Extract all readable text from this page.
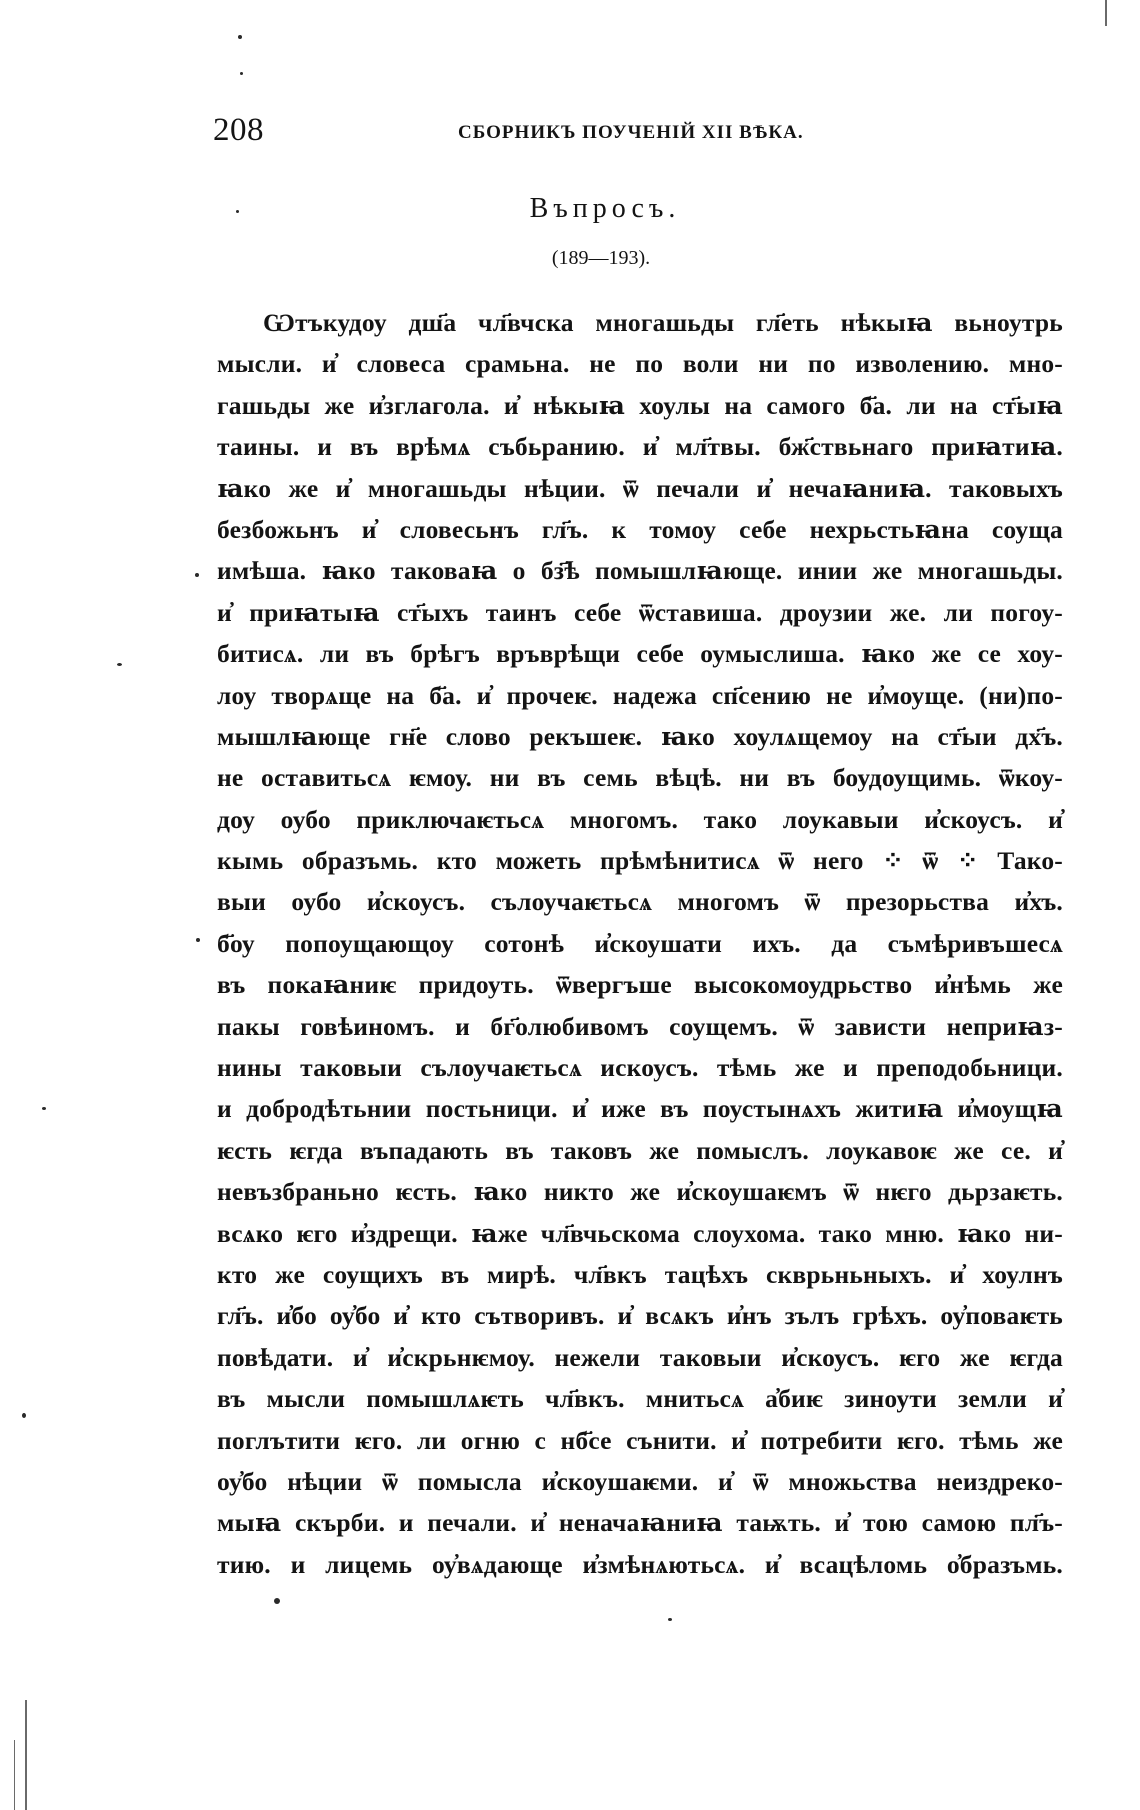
208	СБОРНИКЪ ПОУЧЕНІЙ XII ВѢКА.
Въпросъ.
(189—193).
Ѡтъкудоу дш҃а чл҃вчска многашьды гл҃еть нѣкыꙗ вьноутрь
мысли. и҆ словеса срамьна. не по воли ни по изволению. мно-
гашьды же и҆зглагола. и҆ нѣкыꙗ хоулы на самого б҃а. ли на ст҃ыꙗ
таины. и въ врѣмѧ събьранию. и҆ мл҃твы. бж҃ствьнаго приꙗтиꙗ.
ꙗко же и҆ многашьды нѣции. ѿ печали и҆ нечаꙗниꙗ. таковыхъ
безбожьнъ и҆ словесьнъ гл҃ъ. к томоу себе нехрьстьꙗна соуща
имѣша. ꙗко таковаꙗ о бз҃ѣ помышлꙗюще. инии же многашьды.
и҆ приꙗтыꙗ ст҃ыхъ таинъ себе ѿставиша. дроузии же. ли погоу-
битисѧ. ли въ брѣгъ връврѣщи себе оумыслиша. ꙗко же се хоу-
лоу творѧще на б҃а. и҆ прочеѥ. надежа сп҃сению не и҆моуще. (ни)по-
мышлꙗюще гн҃е слово рекъшеѥ. ꙗко хоулѧщемоу на ст҃ыи дх҃ъ.
не оставитьсѧ ѥмоу. ни въ семь вѣцѣ. ни въ боудоущимь. ѿкоу-
доу оубо приключаѥтьсѧ многомъ. тако лоукавыи и҆скоусъ. и҆
кымь образъмь. кто можеть прѣмѣнитисѧ ѿ него ⁘ ѿ ⁘ Тако-
выи оубо и҆скоусъ. сълоучаѥтьсѧ многомъ ѿ презорьства и҆хъ.
б҃оу попоущающоу сотонѣ и҆скоушати ихъ. да съмѣривъшесѧ
въ покаꙗниѥ придоуть. ѿвергъше высокомоудрьство и҆нѣмь же
пакы говѣиномъ. и бг҃олюбивомъ соущемъ. ѿ зависти неприꙗз-
нины таковыи сълоучаѥтьсѧ искоусъ. тѣмь же и преподобьници.
и добродѣтьнии постьници. и҆ иже въ поустынѧхъ житиꙗ и҆моущꙗ
ѥсть ѥгда въпадають въ таковъ же помыслъ. лоукавоѥ же се. и҆
невъзбраньно ѥсть. ꙗко никто же и҆скоушаѥмъ ѿ нѥго дьрзаѥть.
всѧко ѥго и҆здрещи. ꙗже чл҃вчьскома слоухома. тако мню. ꙗко ни-
кто же соущихъ въ мирѣ. чл҃вкъ тацѣхъ скврьньныхъ. и҆ хоулнъ
гл҃ъ. и҆бо оу҆бо и҆ кто сътворивъ. и҆ всѧкъ и҆нъ зълъ грѣхъ. оу҆поваѥть
повѣдати. и҆ и҆скрьнѥмоу. нежели таковыи и҆скоусъ. ѥго же ѥгда
въ мысли помышлѧѥть чл҃вкъ. мнитьсѧ а҆биѥ зиноути земли и҆
поглътити ѥго. ли огню с нб҃се сънити. и҆ потребити ѥго. тѣмь же
оу҆бо нѣции ѿ помысла и҆скоушаѥми. и҆ ѿ множьства неиздреко-
мыꙗ скърби. и печали. и҆ неначаꙗниꙗ таѭть. и҆ тою самою пл҃ъ-
тию. и лицемь оу҆вѧдающе и҆змѣнѧютьсѧ. и҆ всацѣломь о҆бразъмь.
